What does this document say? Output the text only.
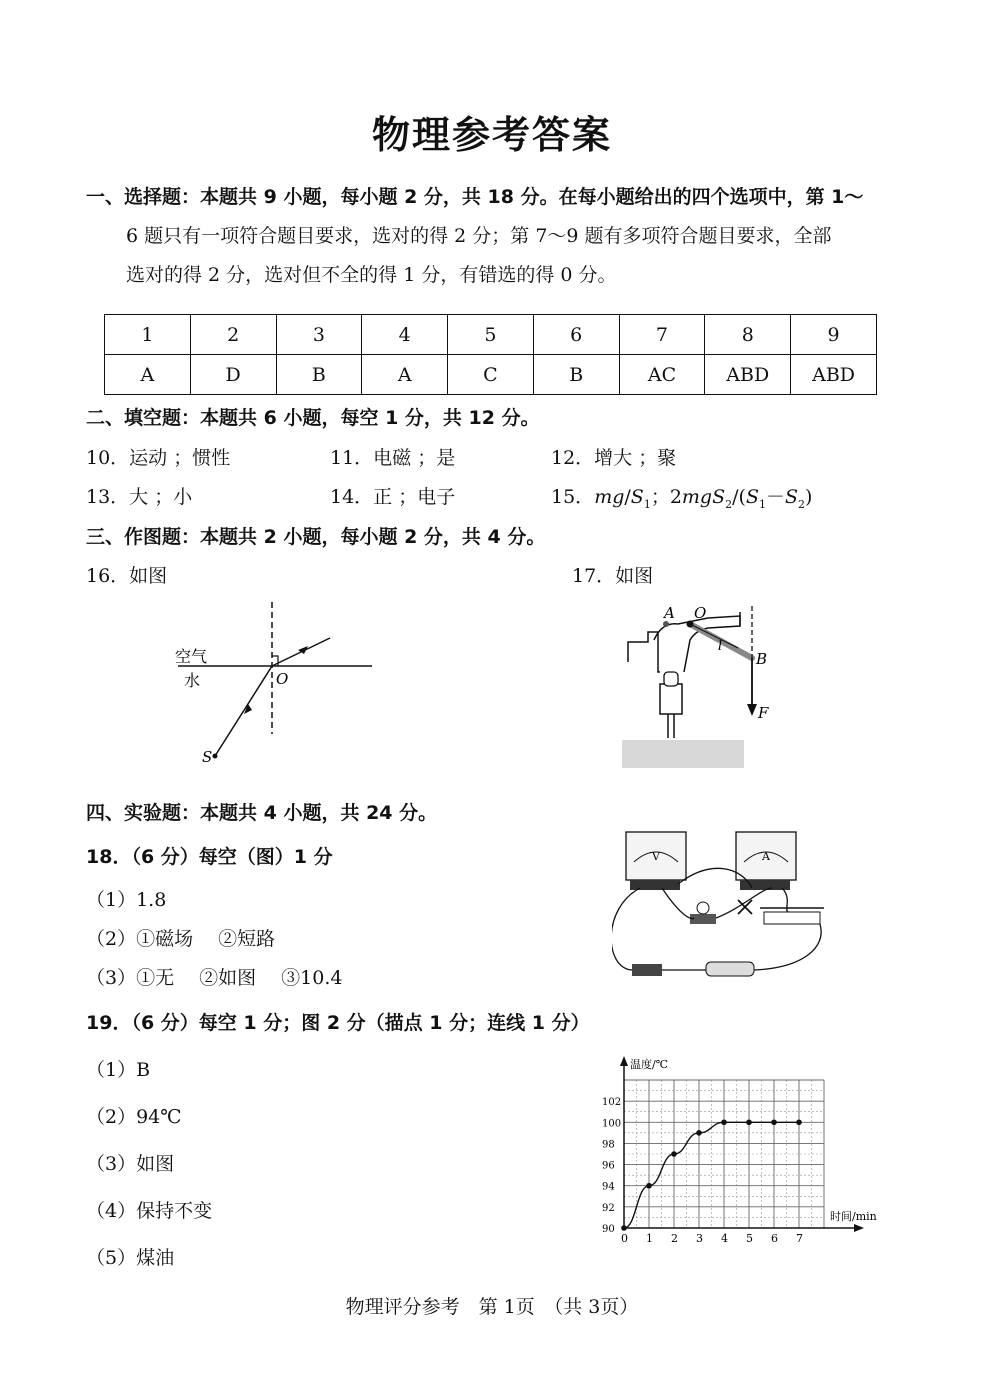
物理参考答案
一、选择题：本题共 9 小题，每小题 2 分，共 18 分。在每小题给出的四个选项中，第 1～
6 题只有一项符合题目要求，选对的得 2 分；第 7～9 题有多项符合题目要求，全部
选对的得 2 分，选对但不全的得 1 分，有错选的得 0 分。
1	2	3	4	5	6	7	8	9
A	D	B	A	C	B	AC	ABD	ABD
二、填空题：本题共 6 小题，每空 1 分，共 12 分。
10．运动 ；惯性	11．电磁 ；是	12．增大 ；聚
13．大 ；小	14．正 ；电子	15．$mg/S_1$；$2mgS_2/(S_1-S_2)$
三、作图题：本题共 2 小题，每小题 2 分，共 4 分。
16．如图	17．如图
空气
水	O
S
A O
l
B
F
四、实验题：本题共 4 小题，共 24 分。
18．（6 分）每空（图）1 分
（1）1.8
（2）①磁场　 ②短路
（3）①无　 ②如图　 ③10.4
V	A
19．（6 分）每空 1 分；图 2 分（描点 1 分；连线 1 分）
（1）B
（2）94℃
（3）如图
（4）保持不变
（5）煤油
0 1 2 3 4 5 6 7
90
92
94
96
98
100
102
温度/℃
时间/min
物理评分参考　第 1页　（共 3页）
